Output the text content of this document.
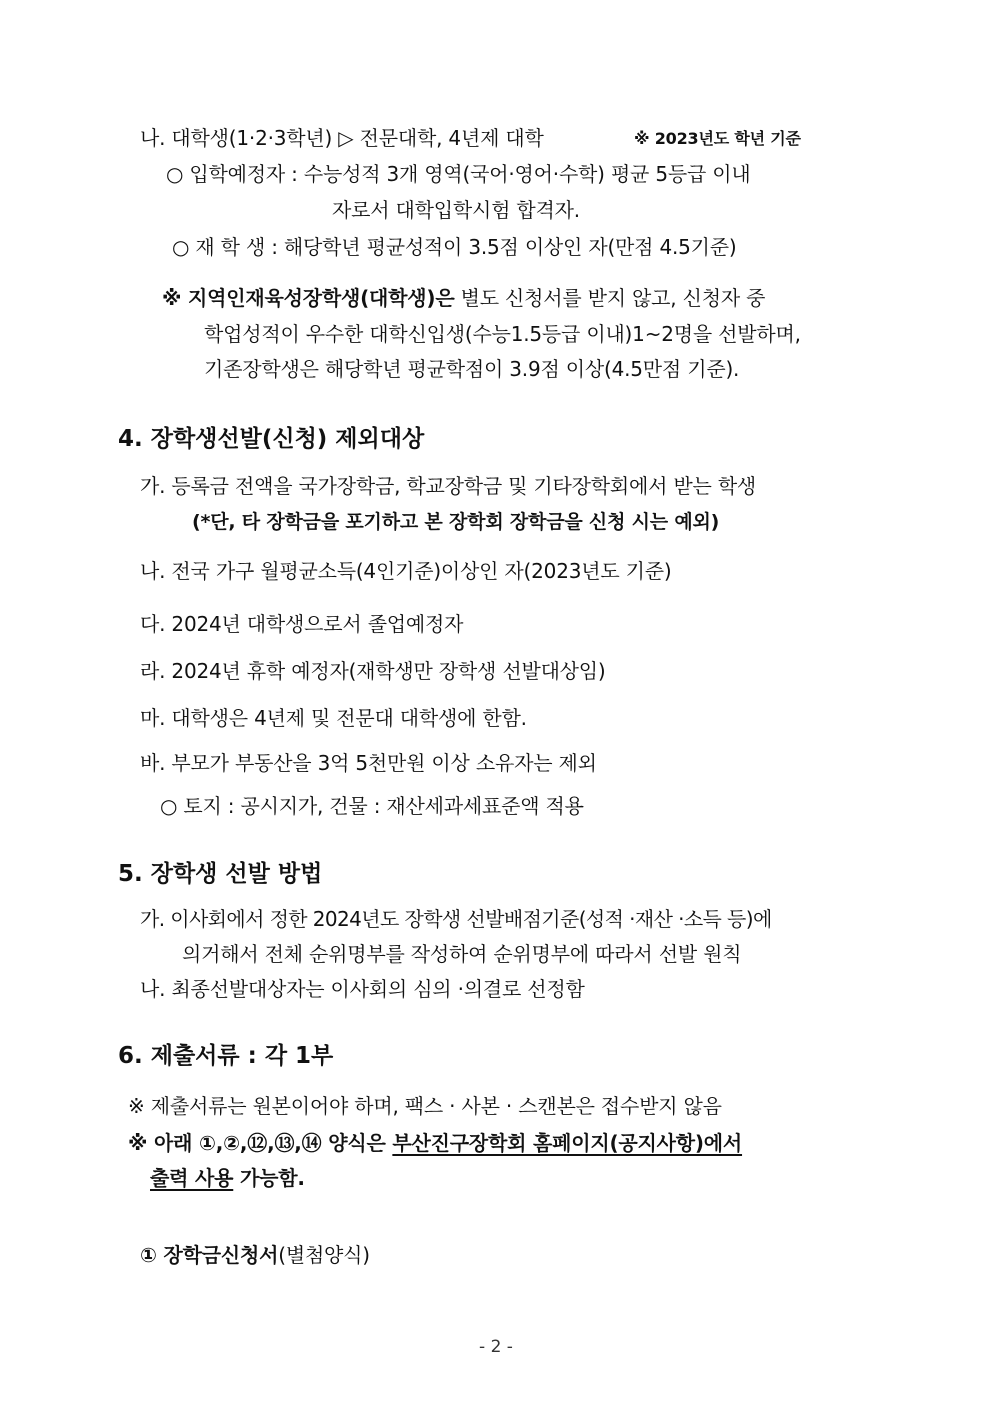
나. 대학생(1·2·3학년) ▷ 전문대학, 4년제 대학	※ 2023년도 학년 기준
○ 입학예정자 : 수능성적 3개 영역(국어·영어·수학) 평균 5등급 이내
자로서 대학입학시험 합격자.
○ 재 학 생 : 해당학년 평균성적이 3.5점 이상인 자(만점 4.5기준)
※ 지역인재육성장학생(대학생)은 별도 신청서를 받지 않고, 신청자 중
학업성적이 우수한 대학신입생(수능1.5등급 이내)1~2명을 선발하며,
기존장학생은 해당학년 평균학점이 3.9점 이상(4.5만점 기준).
4. 장학생선발(신청) 제외대상
가. 등록금 전액을 국가장학금, 학교장학금 및 기타장학회에서 받는 학생
(*단, 타 장학금을 포기하고 본 장학회 장학금을 신청 시는 예외)
나. 전국 가구 월평균소득(4인기준)이상인 자(2023년도 기준)
다. 2024년 대학생으로서 졸업예정자
라. 2024년 휴학 예정자(재학생만 장학생 선발대상임)
마. 대학생은 4년제 및 전문대 대학생에 한함.
바. 부모가 부동산을 3억 5천만원 이상 소유자는 제외
○ 토지 : 공시지가, 건물 : 재산세과세표준액 적용
5. 장학생 선발 방법
가. 이사회에서 정한 2024년도 장학생 선발배점기준(성적 ·재산 ·소득 등)에
의거해서 전체 순위명부를 작성하여 순위명부에 따라서 선발 원칙
나. 최종선발대상자는 이사회의 심의 ·의결로 선정함
6. 제출서류 : 각 1부
※ 제출서류는 원본이어야 하며, 팩스 · 사본 · 스캔본은 접수받지 않음
※ 아래 ①,②,⑫,⑬,⑭ 양식은 부산진구장학회 홈페이지(공지사항)에서
출력 사용 가능함.
① 장학금신청서(별첨양식)
- 2 -
